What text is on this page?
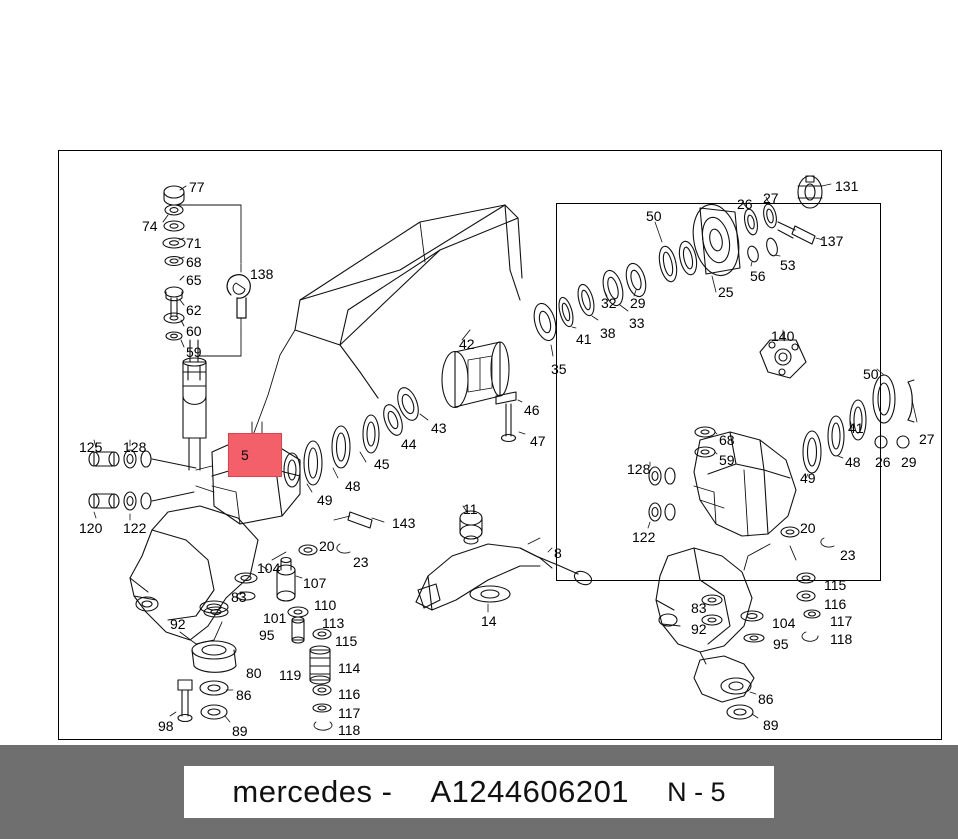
5
77
74
71
68
65
62
60
59
138
125 128
120 122
92
98
86
89
80
83
95
101
104
107
110
113
115
114
116
117
118
119
20
23
143
11
14
8
49
48
45
44
43
42
46
47
35
41 38
33
32 29
25
50
26 27
131
137
56
53
140
50
27
26 29
41
48
49
68
59
128
122
20
23
115
116
117
118
104
95
83
92
86
89
mercedes - A1244606201 N - 5
